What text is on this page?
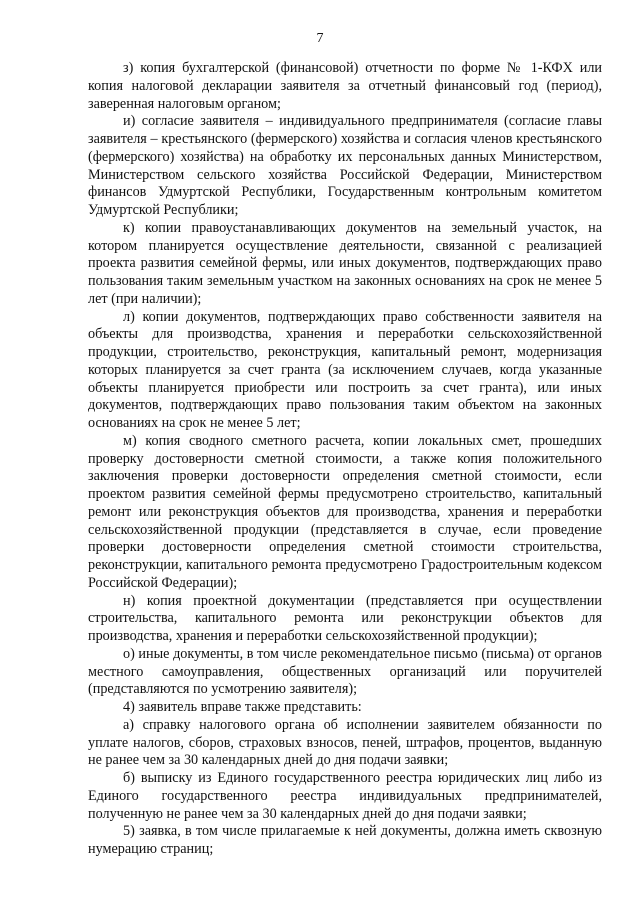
7

з) копия бухгалтерской (финансовой) отчетности по форме № 1-КФХ или копия налоговой декларации заявителя за отчетный финансовый год (период), заверенная налоговым органом;

и) согласие заявителя – индивидуального предпринимателя (согласие главы заявителя – крестьянского (фермерского) хозяйства и согласия членов крестьянского (фермерского) хозяйства) на обработку их персональных данных Министерством, Министерством сельского хозяйства Российской Федерации, Министерством финансов Удмуртской Республики, Государственным контрольным комитетом Удмуртской Республики;

к) копии правоустанавливающих документов на земельный участок, на котором планируется осуществление деятельности, связанной с реализацией проекта развития семейной фермы, или иных документов, подтверждающих право пользования таким земельным участком на законных основаниях на срок не менее 5 лет (при наличии);

л) копии документов, подтверждающих право собственности заявителя на объекты для производства, хранения и переработки сельскохозяйственной продукции, строительство, реконструкция, капитальный ремонт, модернизация которых планируется за счет гранта (за исключением случаев, когда указанные объекты планируется приобрести или построить за счет гранта), или иных документов, подтверждающих право пользования таким объектом на законных основаниях на срок не менее 5 лет;

м) копия сводного сметного расчета, копии локальных смет, прошедших проверку достоверности сметной стоимости, а также копия положительного заключения проверки достоверности определения сметной стоимости, если проектом развития семейной фермы предусмотрено строительство, капитальный ремонт или реконструкция объектов для производства, хранения и переработки сельскохозяйственной продукции (представляется в случае, если проведение проверки достоверности определения сметной стоимости строительства, реконструкции, капитального ремонта предусмотрено Градостроительным кодексом Российской Федерации);

н) копия проектной документации (представляется при осуществлении строительства, капитального ремонта или реконструкции объектов для производства, хранения и переработки сельскохозяйственной продукции);

о) иные документы, в том числе рекомендательное письмо (письма) от органов местного самоуправления, общественных организаций или поручителей (представляются по усмотрению заявителя);

4) заявитель вправе также представить:

а) справку налогового органа об исполнении заявителем обязанности по уплате налогов, сборов, страховых взносов, пеней, штрафов, процентов, выданную не ранее чем за 30 календарных дней до дня подачи заявки;

б) выписку из Единого государственного реестра юридических лиц либо из Единого государственного реестра индивидуальных предпринимателей, полученную не ранее чем за 30 календарных дней до дня подачи заявки;

5) заявка, в том числе прилагаемые к ней документы, должна иметь сквозную нумерацию страниц;
